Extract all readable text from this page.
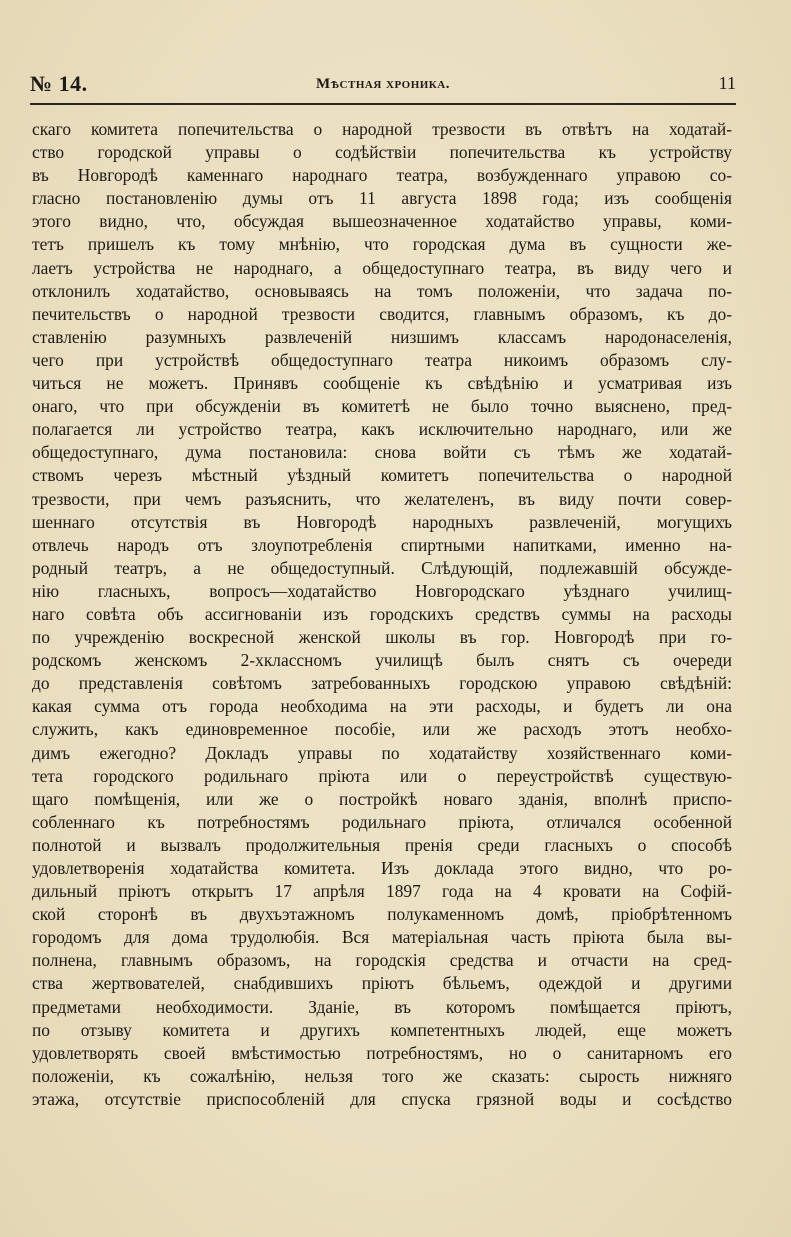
№ 14.	Мѣстная хроника.	11
скаго комитета попечительства о народной трезвости въ отвѣтъ на ходатай-
ство городской управы о содѣйствіи попечительства къ устройству
въ Новгородѣ каменнаго народнаго театра, возбужденнаго управою со-
гласно постановленію думы отъ 11 августа 1898 года; изъ сообщенія
этого видно, что, обсуждая вышеозначенное ходатайство управы, коми-
тетъ пришелъ къ тому мнѣнію, что городская дума въ сущности же-
лаетъ устройства не народнаго, а общедоступнаго театра, въ виду чего и
отклонилъ ходатайство, основываясь на томъ положеніи, что задача по-
печительствъ о народной трезвости сводится, главнымъ образомъ, къ до-
ставленію разумныхъ развлеченій низшимъ классамъ народонаселенія,
чего при устройствѣ общедоступнаго театра никоимъ образомъ слу-
читься не можетъ. Принявъ сообщеніе къ свѣдѣнію и усматривая изъ
онаго, что при обсужденіи въ комитетѣ не было точно выяснено, пред-
полагается ли устройство театра, какъ исключительно народнаго, или же
общедоступнаго, дума постановила: снова войти съ тѣмъ же ходатай-
ствомъ черезъ мѣстный уѣздный комитетъ попечительства о народной
трезвости, при чемъ разъяснить, что желателенъ, въ виду почти совер-
шеннаго отсутствія въ Новгородѣ народныхъ развлеченій, могущихъ
отвлечь народъ отъ злоупотребленія спиртными напитками, именно на-
родный театръ, а не общедоступный. Слѣдующій, подлежавшій обсужде-
нію гласныхъ, вопросъ—ходатайство Новгородскаго уѣзднаго училищ-
наго совѣта объ ассигнованіи изъ городскихъ средствъ суммы на расходы
по учрежденію воскресной женской школы въ гор. Новгородѣ при го-
родскомъ женскомъ 2-хклассномъ училищѣ былъ снятъ съ очереди
до представленія совѣтомъ затребованныхъ городскою управою свѣдѣній:
какая сумма отъ города необходима на эти расходы, и будетъ ли она
служить, какъ единовременное пособіе, или же расходъ этотъ необхо-
димъ ежегодно? Докладъ управы по ходатайству хозяйственнаго коми-
тета городского родильнаго пріюта или о переустройствѣ существую-
щаго помѣщенія, или же о постройкѣ новаго зданія, вполнѣ приспо-
собленнаго къ потребностямъ родильнаго пріюта, отличался особенной
полнотой и вызвалъ продолжительныя пренія среди гласныхъ о способѣ
удовлетворенія ходатайства комитета. Изъ доклада этого видно, что ро-
дильный пріютъ открытъ 17 апрѣля 1897 года на 4 кровати на Софій-
ской сторонѣ въ двухъэтажномъ полукаменномъ домѣ, пріобрѣтенномъ
городомъ для дома трудолюбія. Вся матеріальная часть пріюта была вы-
полнена, главнымъ образомъ, на городскія средства и отчасти на сред-
ства жертвователей, снабдившихъ пріютъ бѣльемъ, одеждой и другими
предметами необходимости. Зданіе, въ которомъ помѣщается пріютъ,
по отзыву комитета и другихъ компетентныхъ людей, еще можетъ
удовлетворять своей вмѣстимостью потребностямъ, но о санитарномъ его
положеніи, къ сожалѣнію, нельзя того же сказать: сырость нижняго
этажа, отсутствіе приспособленій для спуска грязной воды и сосѣдство
